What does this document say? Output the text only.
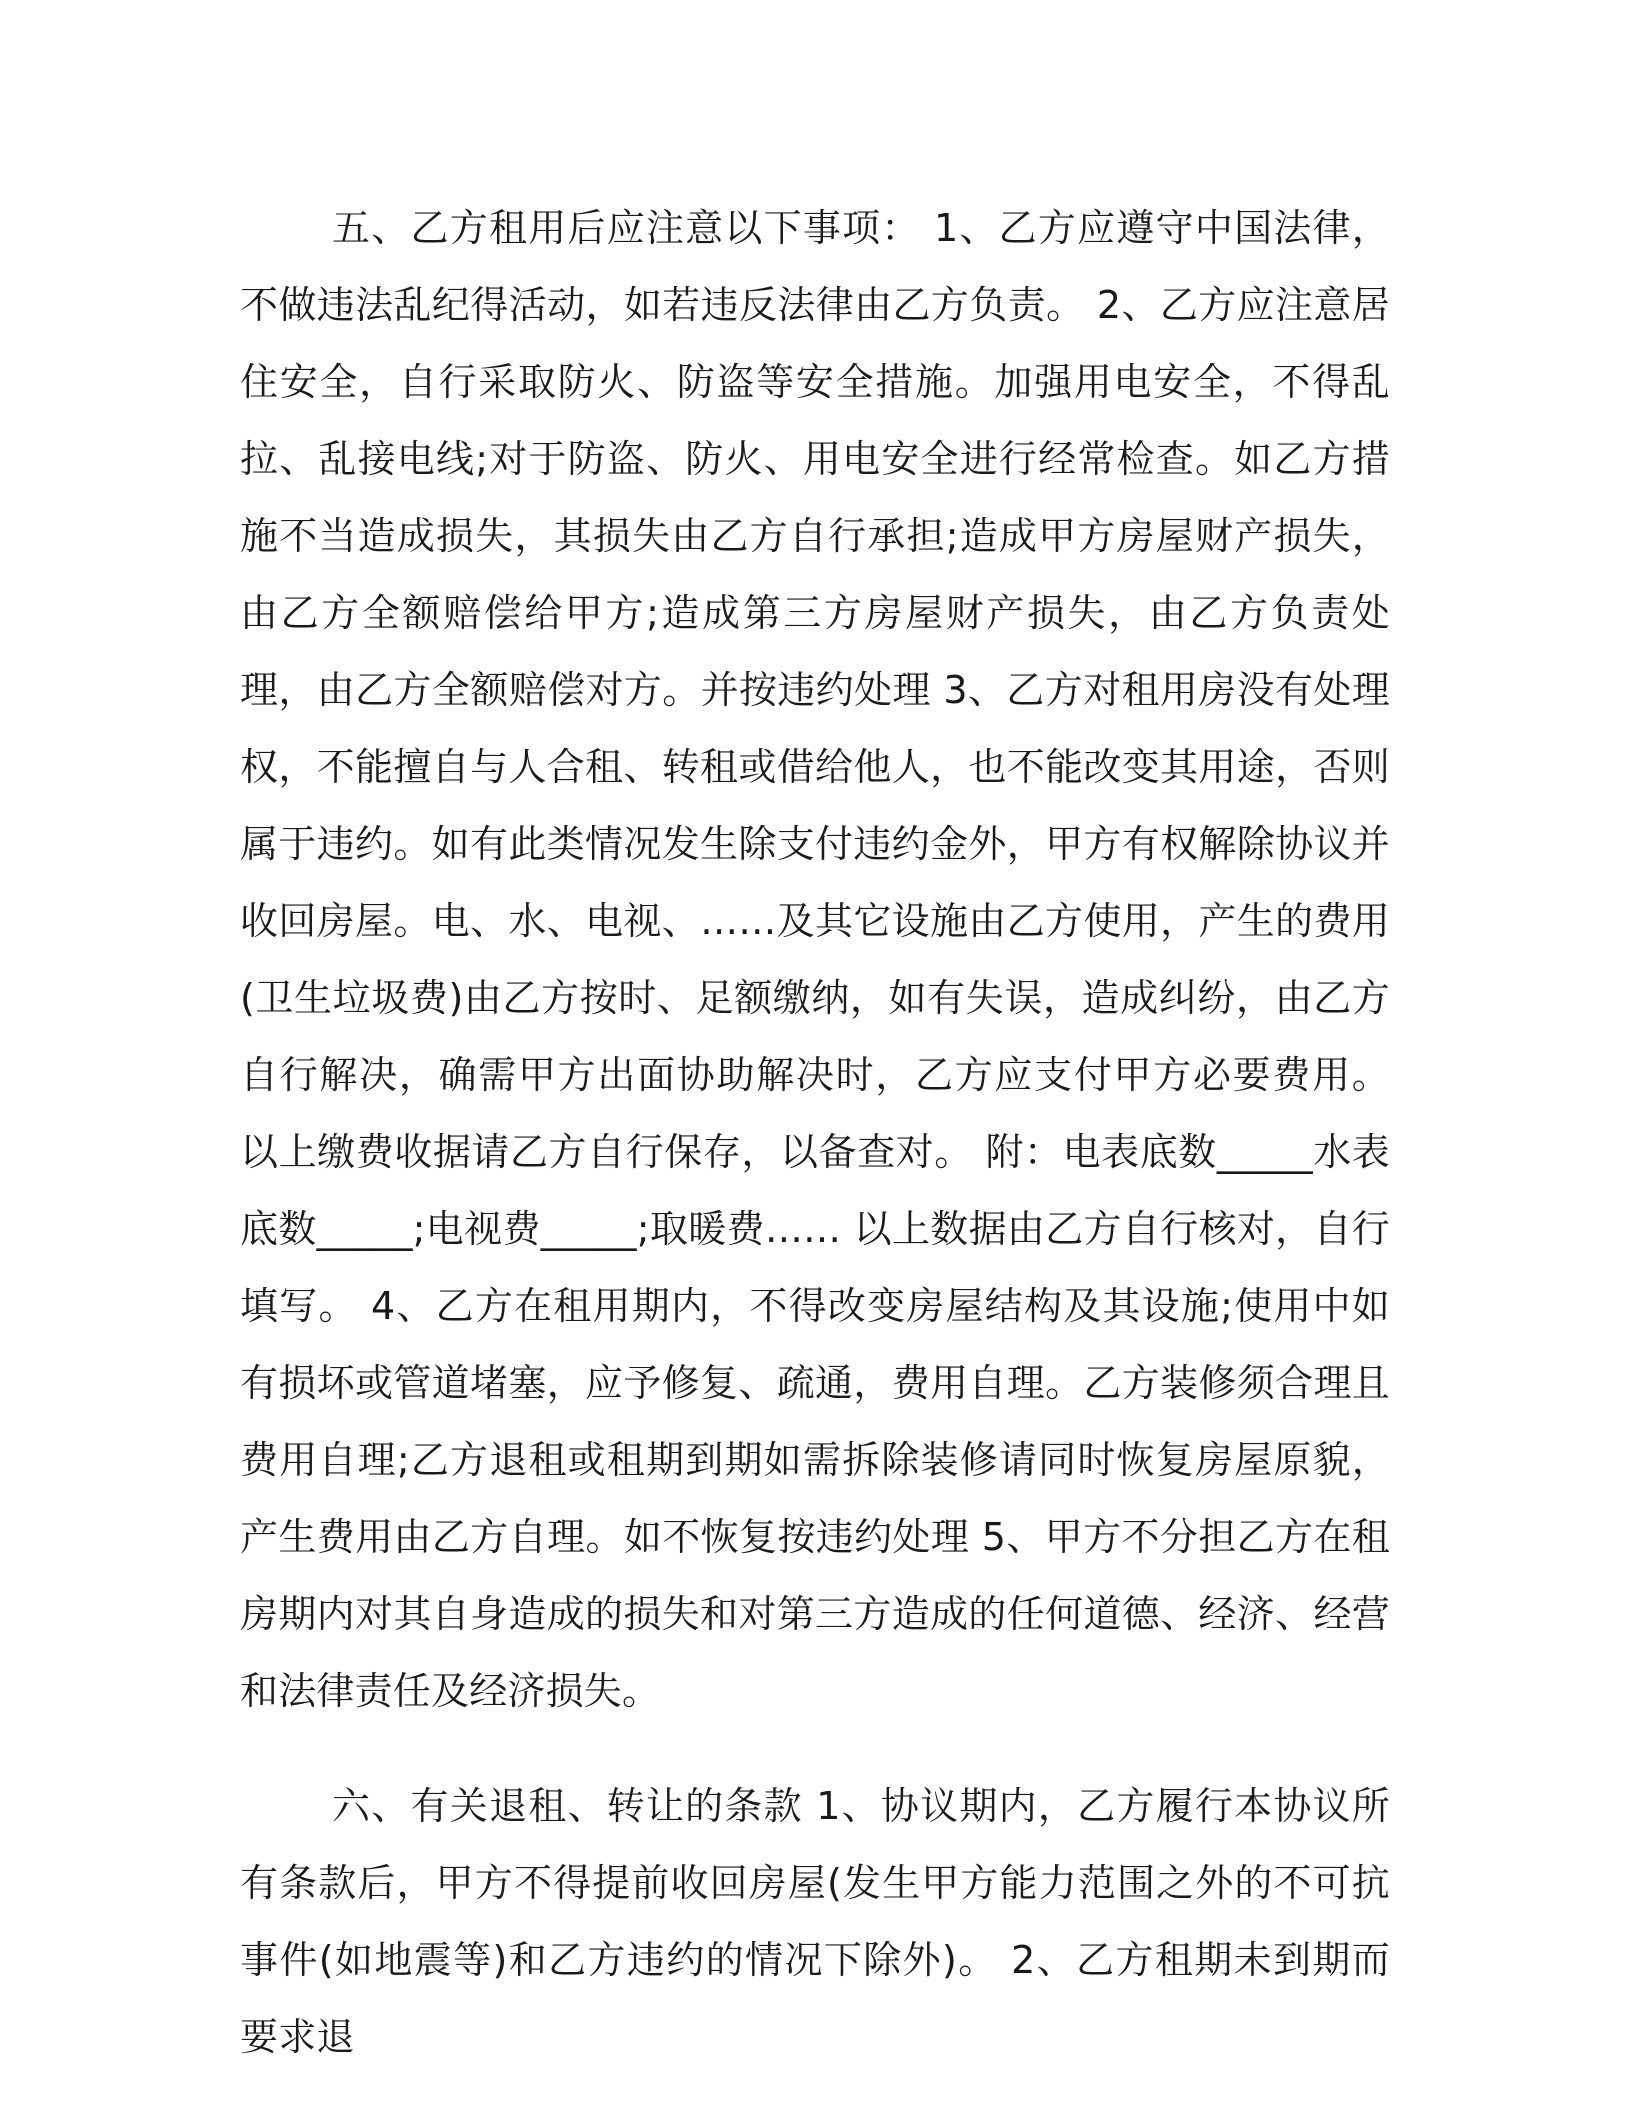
五、乙方租用后应注意以下事项： 1、乙方应遵守中国法律，不做违法乱纪得活动，如若违反法律由乙方负责。 2、乙方应注意居住安全，自行采取防火、防盗等安全措施。加强用电安全，不得乱拉、乱接电线;对于防盗、防火、用电安全进行经常检查。如乙方措施不当造成损失，其损失由乙方自行承担;造成甲方房屋财产损失，由乙方全额赔偿给甲方;造成第三方房屋财产损失，由乙方负责处理，由乙方全额赔偿对方。并按违约处理 3、乙方对租用房没有处理权，不能擅自与人合租、转租或借给他人，也不能改变其用途，否则属于违约。如有此类情况发生除支付违约金外，甲方有权解除协议并收回房屋。电、水、电视、……及其它设施由乙方使用，产生的费用(卫生垃圾费)由乙方按时、足额缴纳，如有失误，造成纠纷，由乙方自行解决，确需甲方出面协助解决时，乙方应支付甲方必要费用。 以上缴费收据请乙方自行保存，以备查对。 附：电表底数_____水表底数_____;电视费_____;取暖费…… 以上数据由乙方自行核对，自行填写。 4、乙方在租用期内，不得改变房屋结构及其设施;使用中如有损坏或管道堵塞，应予修复、疏通，费用自理。乙方装修须合理且费用自理;乙方退租或租期到期如需拆除装修请同时恢复房屋原貌，产生费用由乙方自理。如不恢复按违约处理 5、甲方不分担乙方在租房期内对其自身造成的损失和对第三方造成的任何道德、经济、经营和法律责任及经济损失。

六、有关退租、转让的条款 1、协议期内，乙方履行本协议所有条款后，甲方不得提前收回房屋(发生甲方能力范围之外的不可抗事件(如地震等)和乙方违约的情况下除外)。 2、乙方租期未到期而要求退
